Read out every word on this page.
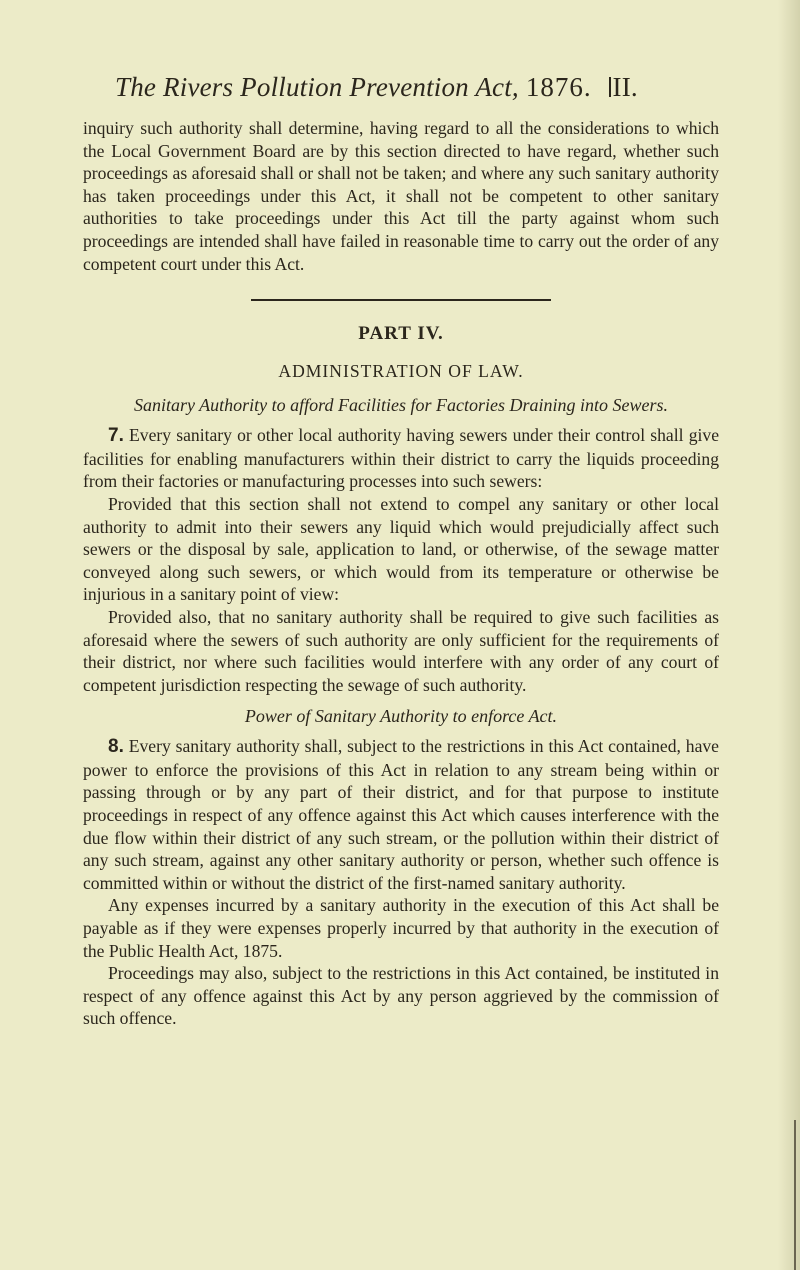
The Rivers Pollution Prevention Act, 1876. II.

inquiry such authority shall determine, having regard to all the considerations to which the Local Government Board are by this section directed to have regard, whether such proceedings as aforesaid shall or shall not be taken; and where any such sanitary authority has taken proceedings under this Act, it shall not be competent to other sanitary authorities to take proceedings under this Act till the party against whom such proceedings are intended shall have failed in reasonable time to carry out the order of any competent court under this Act.

PART IV.
ADMINISTRATION OF LAW.
Sanitary Authority to afford Facilities for Factories Draining into Sewers.

7. Every sanitary or other local authority having sewers under their control shall give facilities for enabling manufacturers within their district to carry the liquids proceeding from their factories or manufacturing processes into such sewers:

Provided that this section shall not extend to compel any sanitary or other local authority to admit into their sewers any liquid which would prejudicially affect such sewers or the disposal by sale, application to land, or otherwise, of the sewage matter conveyed along such sewers, or which would from its temperature or otherwise be injurious in a sanitary point of view:

Provided also, that no sanitary authority shall be required to give such facilities as aforesaid where the sewers of such authority are only sufficient for the requirements of their district, nor where such facilities would interfere with any order of any court of competent jurisdiction respecting the sewage of such authority.

Power of Sanitary Authority to enforce Act.

8. Every sanitary authority shall, subject to the restrictions in this Act contained, have power to enforce the provisions of this Act in relation to any stream being within or passing through or by any part of their district, and for that purpose to institute proceedings in respect of any offence against this Act which causes interference with the due flow within their district of any such stream, or the pollution within their district of any such stream, against any other sanitary authority or person, whether such offence is committed within or without the district of the first-named sanitary authority.

Any expenses incurred by a sanitary authority in the execution of this Act shall be payable as if they were expenses properly incurred by that authority in the execution of the Public Health Act, 1875.

Proceedings may also, subject to the restrictions in this Act contained, be instituted in respect of any offence against this Act by any person aggrieved by the commission of such offence.
